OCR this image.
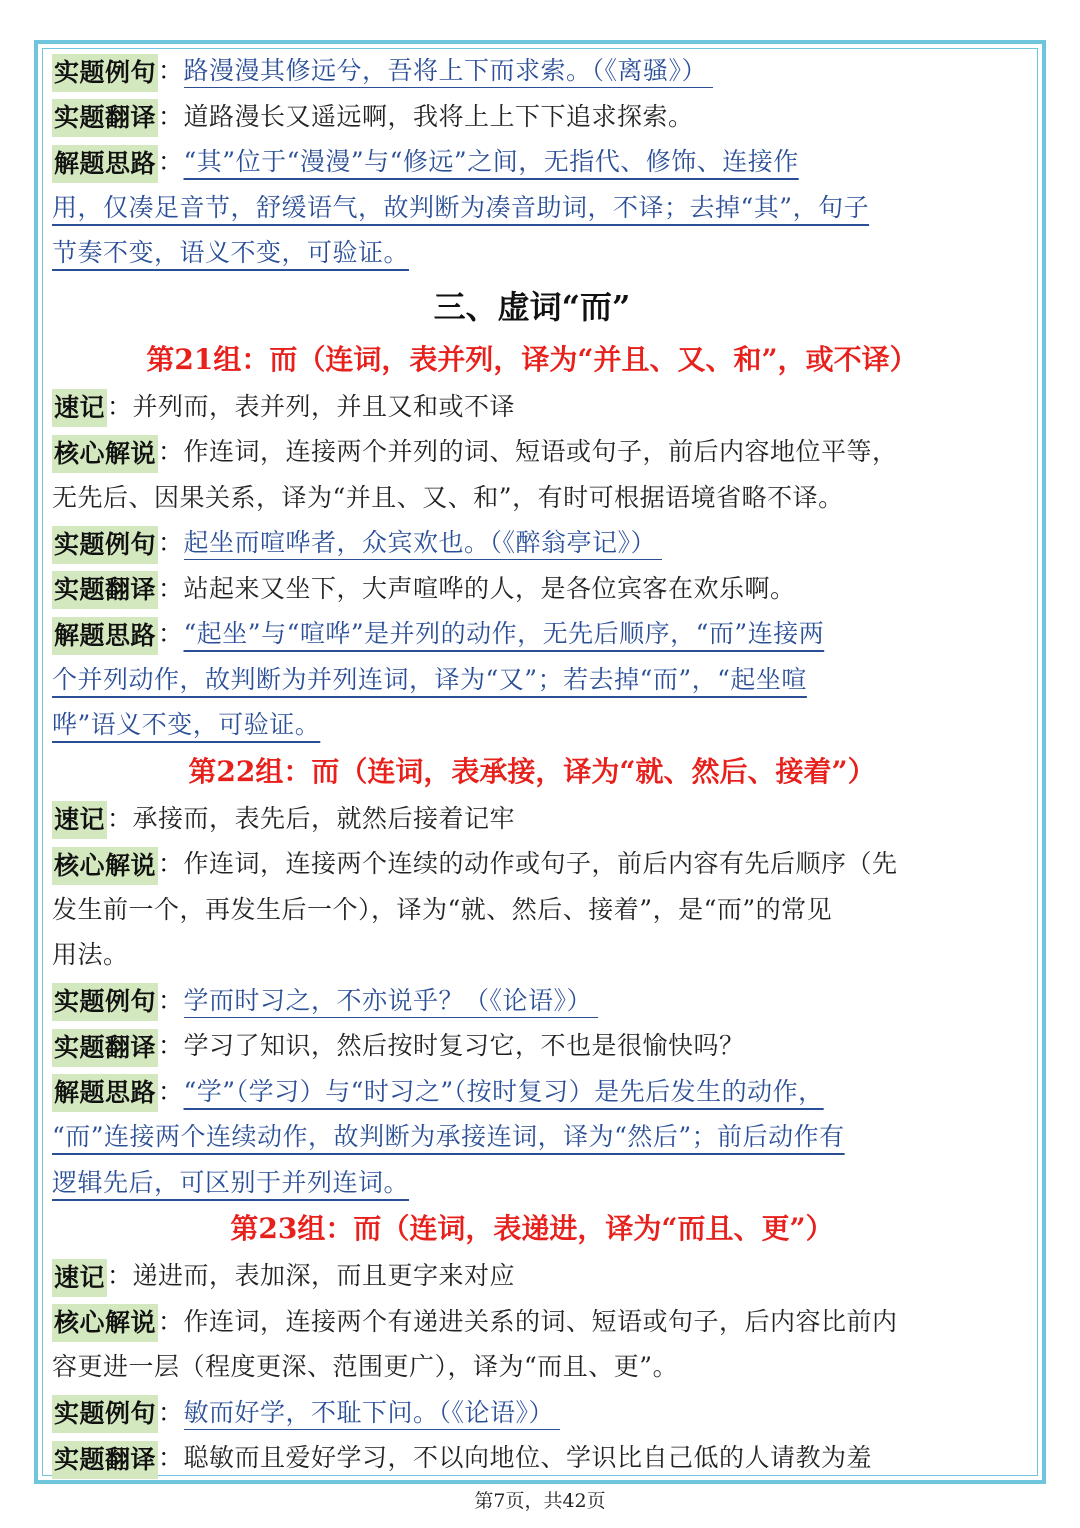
实题例句：路漫漫其修远兮，吾将上下而求索。（《离骚》）
实题翻译：道路漫长又遥远啊，我将上上下下追求探索。
解题思路：“其”位于“漫漫”与“修远”之间，无指代、修饰、连接作
用，仅凑足音节，舒缓语气，故判断为凑音助词，不译；去掉“其”，句子
节奏不变，语义不变，可验证。
三、虚词“而”
第21组：而（连词，表并列，译为“并且、又、和”，或不译）
速记：并列而，表并列，并且又和或不译
核心解说：作连词，连接两个并列的词、短语或句子，前后内容地位平等，
无先后、因果关系，译为“并且、又、和”，有时可根据语境省略不译。
实题例句：起坐而喧哗者，众宾欢也。（《醉翁亭记》）
实题翻译：站起来又坐下，大声喧哗的人，是各位宾客在欢乐啊。
解题思路：“起坐”与“喧哗”是并列的动作，无先后顺序，“而”连接两
个并列动作，故判断为并列连词，译为“又”；若去掉“而”，“起坐喧
哗”语义不变，可验证。
第22组：而（连词，表承接，译为“就、然后、接着”）
速记：承接而，表先后，就然后接着记牢
核心解说：作连词，连接两个连续的动作或句子，前后内容有先后顺序（先
发生前一个，再发生后一个），译为“就、然后、接着”，是“而”的常见
用法。
实题例句：学而时习之，不亦说乎？（《论语》）
实题翻译：学习了知识，然后按时复习它，不也是很愉快吗？
解题思路：“学”（学习）与“时习之”（按时复习）是先后发生的动作，
“而”连接两个连续动作，故判断为承接连词，译为“然后”；前后动作有
逻辑先后，可区别于并列连词。
第23组：而（连词，表递进，译为“而且、更”）
速记：递进而，表加深，而且更字来对应
核心解说：作连词，连接两个有递进关系的词、短语或句子，后内容比前内
容更进一层（程度更深、范围更广），译为“而且、更”。
实题例句：敏而好学，不耻下问。（《论语》）
实题翻译：聪敏而且爱好学习，不以向地位、学识比自己低的人请教为羞
第7页，共42页
